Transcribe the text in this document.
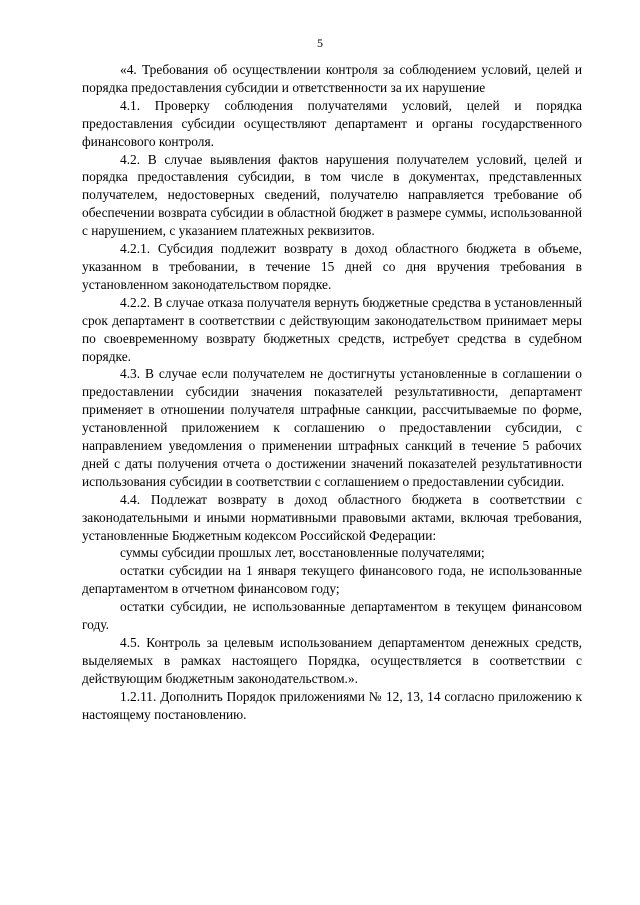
5

«4. Требования об осуществлении контроля за соблюдением условий, целей и порядка предоставления субсидии и ответственности за их нарушение

4.1. Проверку соблюдения получателями условий, целей и порядка предоставления субсидии осуществляют департамент и органы государственного финансового контроля.

4.2. В случае выявления фактов нарушения получателем условий, целей и порядка предоставления субсидии, в том числе в документах, представленных получателем, недостоверных сведений, получателю направляется требование об обеспечении возврата субсидии в областной бюджет в размере суммы, использованной с нарушением, с указанием платежных реквизитов.

4.2.1. Субсидия подлежит возврату в доход областного бюджета в объеме, указанном в требовании, в течение 15 дней со дня вручения требования в установленном законодательством порядке.

4.2.2. В случае отказа получателя вернуть бюджетные средства в установленный срок департамент в соответствии с действующим законодательством принимает меры по своевременному возврату бюджетных средств, истребует средства в судебном порядке.

4.3. В случае если получателем не достигнуты установленные в соглашении о предоставлении субсидии значения показателей результативности, департамент применяет в отношении получателя штрафные санкции, рассчитываемые по форме, установленной приложением к соглашению о предоставлении субсидии, с направлением уведомления о применении штрафных санкций в течение 5 рабочих дней с даты получения отчета о достижении значений показателей результативности использования субсидии в соответствии с соглашением о предоставлении субсидии.

4.4. Подлежат возврату в доход областного бюджета в соответствии с законодательными и иными нормативными правовыми актами, включая требования, установленные Бюджетным кодексом Российской Федерации:

суммы субсидии прошлых лет, восстановленные получателями;

остатки субсидии на 1 января текущего финансового года, не использованные департаментом в отчетном финансовом году;

остатки субсидии, не использованные департаментом в текущем финансовом году.

4.5. Контроль за целевым использованием департаментом денежных средств, выделяемых в рамках настоящего Порядка, осуществляется в соответствии с действующим бюджетным законодательством.».

1.2.11. Дополнить Порядок приложениями № 12, 13, 14 согласно приложению к настоящему постановлению.
